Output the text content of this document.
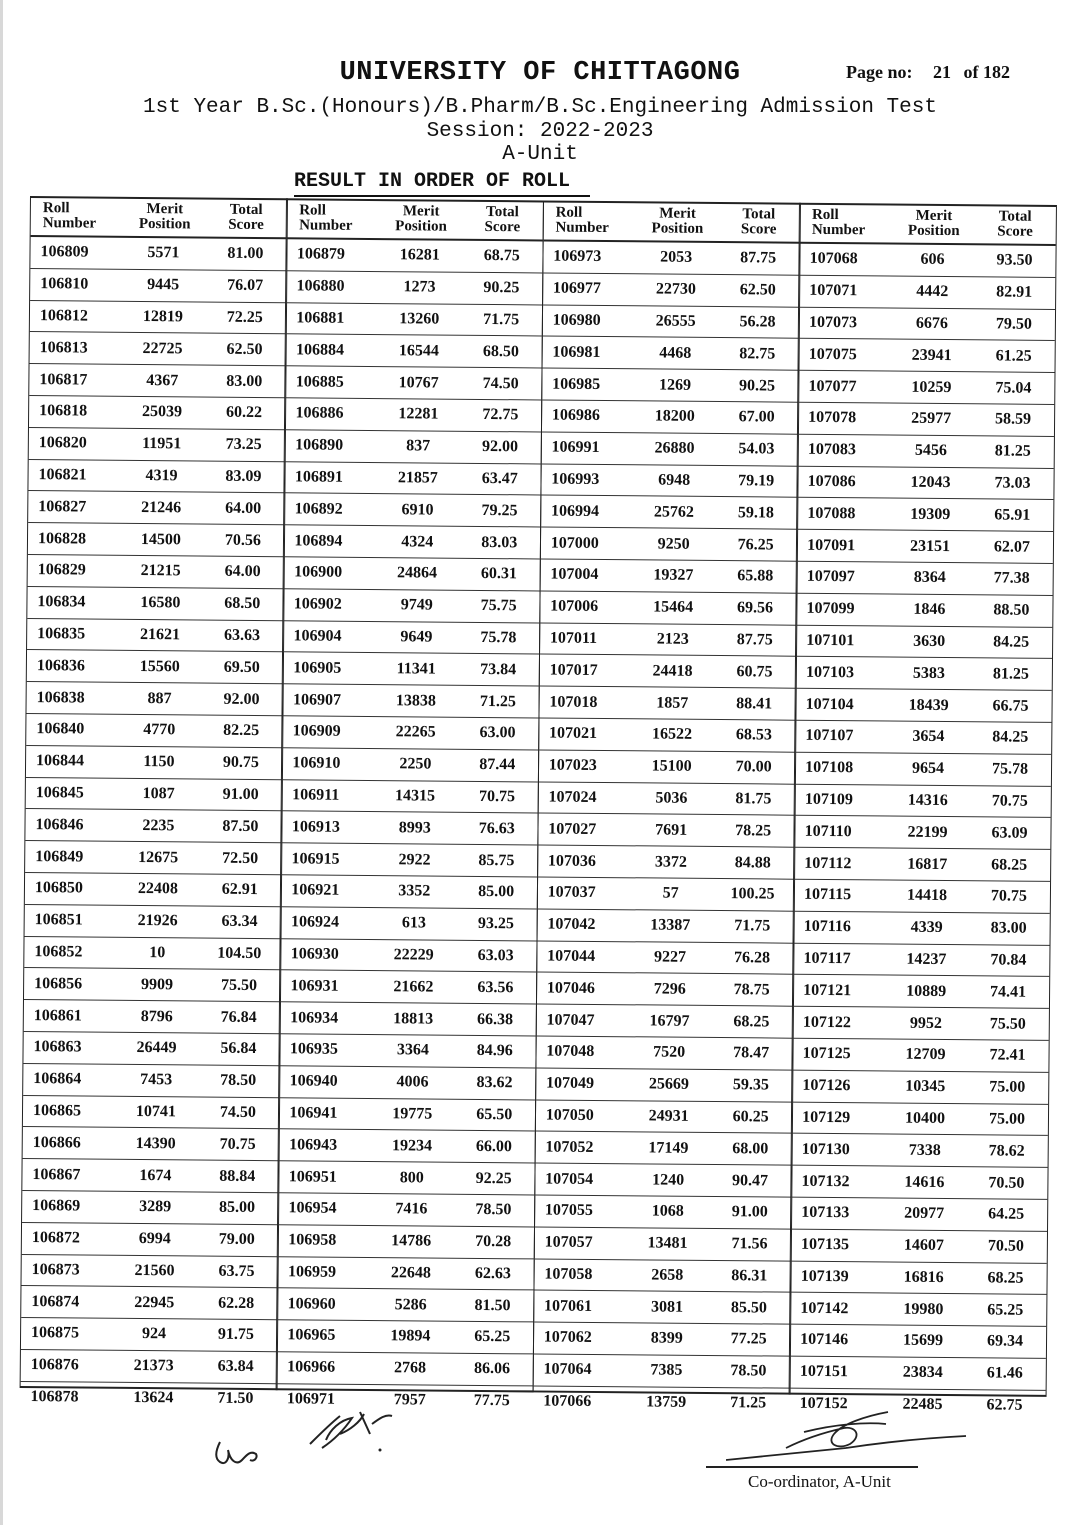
UNIVERSITY OF CHITTAGONG	Page no: 21 of 182
1st Year B.Sc.(Honours)/B.Pharm/B.Sc.Engineering Admission Test
Session: 2022-2023
A-Unit
RESULT IN ORDER OF ROLL
Roll
Number
Merit
Position
Total
Score
106809	5571	81.00
106810	9445	76.07
106812	12819	72.25
106813	22725	62.50
106817	4367	83.00
106818	25039	60.22
106820	11951	73.25
106821	4319	83.09
106827	21246	64.00
106828	14500	70.56
106829	21215	64.00
106834	16580	68.50
106835	21621	63.63
106836	15560	69.50
106838	887	92.00
106840	4770	82.25
106844	1150	90.75
106845	1087	91.00
106846	2235	87.50
106849	12675	72.50
106850	22408	62.91
106851	21926	63.34
106852	10	104.50
106856	9909	75.50
106861	8796	76.84
106863	26449	56.84
106864	7453	78.50
106865	10741	74.50
106866	14390	70.75
106867	1674	88.84
106869	3289	85.00
106872	6994	79.00
106873	21560	63.75
106874	22945	62.28
106875	924	91.75
106876	21373	63.84
106878	13624	71.50
Roll
Number
Merit
Position
Total
Score
106879	16281	68.75
106880	1273	90.25
106881	13260	71.75
106884	16544	68.50
106885	10767	74.50
106886	12281	72.75
106890	837	92.00
106891	21857	63.47
106892	6910	79.25
106894	4324	83.03
106900	24864	60.31
106902	9749	75.75
106904	9649	75.78
106905	11341	73.84
106907	13838	71.25
106909	22265	63.00
106910	2250	87.44
106911	14315	70.75
106913	8993	76.63
106915	2922	85.75
106921	3352	85.00
106924	613	93.25
106930	22229	63.03
106931	21662	63.56
106934	18813	66.38
106935	3364	84.96
106940	4006	83.62
106941	19775	65.50
106943	19234	66.00
106951	800	92.25
106954	7416	78.50
106958	14786	70.28
106959	22648	62.63
106960	5286	81.50
106965	19894	65.25
106966	2768	86.06
106971	7957	77.75
Roll
Number
Merit
Position
Total
Score
106973	2053	87.75
106977	22730	62.50
106980	26555	56.28
106981	4468	82.75
106985	1269	90.25
106986	18200	67.00
106991	26880	54.03
106993	6948	79.19
106994	25762	59.18
107000	9250	76.25
107004	19327	65.88
107006	15464	69.56
107011	2123	87.75
107017	24418	60.75
107018	1857	88.41
107021	16522	68.53
107023	15100	70.00
107024	5036	81.75
107027	7691	78.25
107036	3372	84.88
107037	57	100.25
107042	13387	71.75
107044	9227	76.28
107046	7296	78.75
107047	16797	68.25
107048	7520	78.47
107049	25669	59.35
107050	24931	60.25
107052	17149	68.00
107054	1240	90.47
107055	1068	91.00
107057	13481	71.56
107058	2658	86.31
107061	3081	85.50
107062	8399	77.25
107064	7385	78.50
107066	13759	71.25
Roll
Number
Merit
Position
Total
Score
107068	606	93.50
107071	4442	82.91
107073	6676	79.50
107075	23941	61.25
107077	10259	75.04
107078	25977	58.59
107083	5456	81.25
107086	12043	73.03
107088	19309	65.91
107091	23151	62.07
107097	8364	77.38
107099	1846	88.50
107101	3630	84.25
107103	5383	81.25
107104	18439	66.75
107107	3654	84.25
107108	9654	75.78
107109	14316	70.75
107110	22199	63.09
107112	16817	68.25
107115	14418	70.75
107116	4339	83.00
107117	14237	70.84
107121	10889	74.41
107122	9952	75.50
107125	12709	72.41
107126	10345	75.00
107129	10400	75.00
107130	7338	78.62
107132	14616	70.50
107133	20977	64.25
107135	14607	70.50
107139	16816	68.25
107142	19980	65.25
107146	15699	69.34
107151	23834	61.46
107152	22485	62.75
Co-ordinator, A-Unit
